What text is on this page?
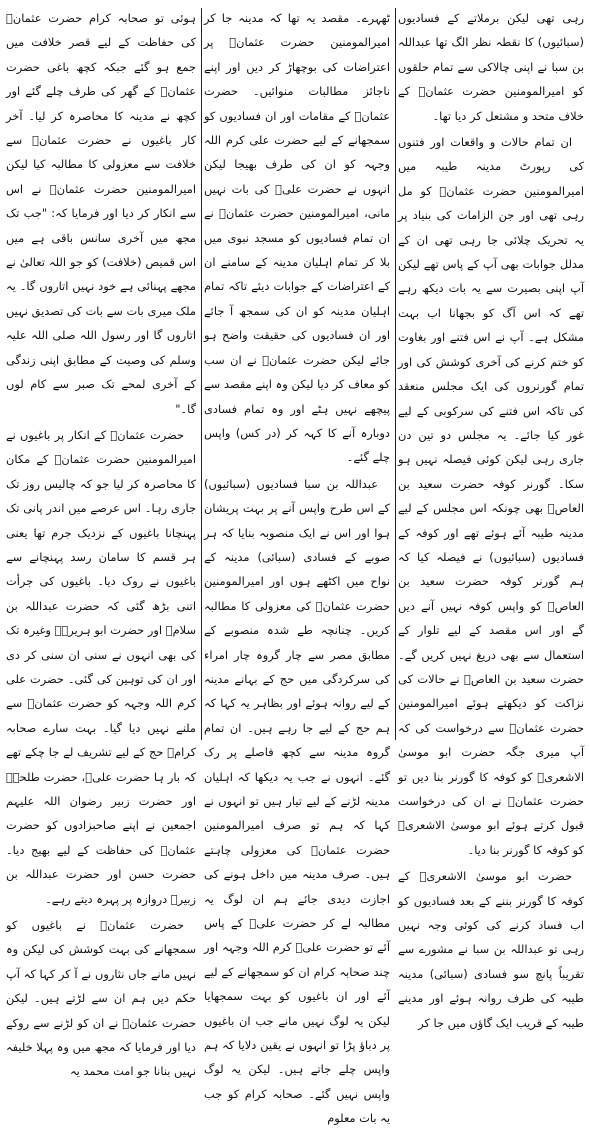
رہی تھی لیکن برملاتے کے فسادیوں (سبائیوں) کا نقطہ نظر الگ تھا عبداللہ بن سبا نے اپنی چالاکی سے تمام حلقوں کو امیرالمومنین حضرت عثمانؓ کے خلاف متحد و مشتعل کر دیا تھا۔

ان تمام حالات و واقعات اور فتنوں کی رپورٹ مدینہ طیبہ میں امیرالمومنین حضرت عثمانؓ کو مل رہی تھی اور جن الزامات کی بنیاد پر یہ تحریک چلائی جا رہی تھی ان کے مدلل جوابات بھی آپ کے پاس تھے لیکن آپ اپنی بصیرت سے یہ بات دیکھ رہے تھے کہ اس آگ کو بجھانا اب بہت مشکل ہے۔ آپ نے اس فتنے اور بغاوت کو ختم کرنے کی آخری کوشش کی اور تمام گورنروں کی ایک مجلس منعقد کی تاکہ اس فتنے کی سرکوبی کے لیے غور کیا جائے۔ یہ مجلس دو تین دن جاری رہی لیکن کوئی فیصلہ نہیں ہو سکا۔ گورنر کوفہ حضرت سعید بن العاصؓ بھی چونکہ اس مجلس کے لیے مدینہ طیبہ آئے ہوئے تھے اور کوفہ کے فسادیوں (سبائیوں) نے فیصلہ کیا کہ ہم گورنر کوفہ حضرت سعید بن العاصؓ کو واپس کوفہ نہیں آنے دیں گے اور اس مقصد کے لیے تلوار کے استعمال سے بھی دریغ نہیں کریں گے۔ حضرت سعید بن العاصؓ نے حالات کی نزاکت کو دیکھتے ہوئے امیرالمومنین حضرت عثمانؓ سے درخواست کی کہ آپ میری جگہ حضرت ابو موسیٰ الاشعریؓ کو کوفہ کا گورنر بنا دیں تو حضرت عثمانؓ نے ان کی درخواست قبول کرتے ہوئے ابو موسیٰ الاشعریؓ کو کوفہ کا گورنر بنا دیا۔

حضرت ابو موسیٰ الاشعریؓ کے کوفہ کا گورنر بننے کے بعد فسادیوں کو اب فساد کرنے کی کوئی وجہ نہیں رہی تو عبداللہ بن سبا نے مشورے سے تقریباً پانچ سو فسادی (سبائی) مدینہ طیبہ کی طرف روانہ ہوئے اور مدینے طیبہ کے قریب ایک گاؤں میں جا کر

ٹھہرے۔ مقصد یہ تھا کہ مدینہ جا کر امیرالمومنین حضرت عثمانؓ پر اعتراضات کی بوچھاڑ کر دیں اور اپنے ناجائز مطالبات منوائیں۔ حضرت عثمانؓ کے مقامات اور ان فسادیوں کو سمجھانے کے لیے حضرت علی کرم اللہ وجہہ کو ان کی طرف بھیجا لیکن انہوں نے حضرت علیؓ کی بات نہیں مانی، امیرالمومنین حضرت عثمانؓ نے ان تمام فسادیوں کو مسجد نبوی میں بلا کر تمام اہلیان مدینہ کے سامنے ان کے اعتراضات کے جوابات دیئے تاکہ تمام اہلیان مدینہ کو ان کی سمجھ آ جائے اور ان فسادیوں کی حقیقت واضح ہو جائے لیکن حضرت عثمانؓ نے ان سب کو معاف کر دیا لیکن وہ اپنے مقصد سے پیچھے نہیں ہٹے اور وہ تمام فسادی دوبارہ آنے کا کہہ کر (در کس) واپس چلے گئے۔

عبداللہ بن سبا فسادیوں (سبائیوں) کے اس طرح واپس آنے پر بہت پریشان ہوا اور اس نے ایک منصوبہ بنایا کہ ہر صوبے کے فسادی (سبائی) مدینہ کے نواح میں اکٹھے ہوں اور امیرالمومنین حضرت عثمانؓ کی معزولی کا مطالبہ کریں۔ چنانچہ طے شدہ منصوبے کے مطابق مصر سے چار گروہ چار امراء کی سرکردگی میں حج کے بہانے مدینہ کے لیے روانہ ہوئے اور بظاہر یہ کہا کہ ہم حج کے لیے جا رہے ہیں۔ ان تمام گروہ مدینہ سے کچھ فاصلے پر رک گئے۔ انہوں نے جب یہ دیکھا کہ اہلیان مدینہ لڑنے کے لیے تیار ہیں تو انہوں نے کہا کہ ہم تو صرف امیرالمومنین حضرت عثمانؓ کی معزولی چاہتے ہیں۔ صرف مدینہ میں داخل ہونے کی اجازت دیدی جائے ہم ان لوگ یہ مطالبہ لے کر حضرت علیؓ کے پاس آئے تو حضرت علیؓ کرم اللہ وجہہ اور چند صحابہ کرام ان کو سمجھانے کے لیے آئے اور ان باغیوں کو بہت سمجھایا لیکن یہ لوگ نہیں مانے جب ان باغیوں پر دباؤ پڑا تو انہوں نے یقین دلایا کہ ہم واپس چلے جاتے ہیں۔ لیکن یہ لوگ واپس نہیں گئے۔ صحابہ کرام کو جب یہ بات معلوم

ہوئی تو صحابہ کرام حضرت عثمانؓ کی حفاظت کے لیے قصر خلافت میں جمع ہو گئے جبکہ کچھ باغی حضرت عثمانؓ کے گھر کی طرف چلے گئے اور کچھ نے مدینہ کا محاصرہ کر لیا۔ آخر کار باغیوں نے حضرت عثمانؓ سے خلافت سے معزولی کا مطالبہ کیا لیکن امیرالمومنین حضرت عثمانؓ نے اس سے انکار کر دیا اور فرمایا کہ: "جب تک مجھ میں آخری سانس باقی ہے میں اس قمیص (خلافت) کو جو اللہ تعالیٰ نے مجھے پہنائی ہے خود نہیں اتاروں گا۔ یہ ملک میری بات سے بات کی تصدیق نہیں اتاروں گا اور رسول اللہ صلی اللہ علیہ وسلم کی وصیت کے مطابق اپنی زندگی کے آخری لمحے تک صبر سے کام لوں گا۔"

حضرت عثمانؓ کے انکار پر باغیوں نے امیرالمومنین حضرت عثمانؓ کے مکان کا محاصرہ کر لیا جو کہ چالیس روز تک جاری رہا۔ اس عرصے میں اندر پانی تک پہنچانا باغیوں کے نزدیک جرم تھا یعنی ہر قسم کا سامان رسد پہنچانے سے باغیوں نے روک دیا۔ باغیوں کی جرأت اتنی بڑھ گئی کہ حضرت عبداللہ بن سلامؓ اور حضرت ابو ہریرہؓ وغیرہ تک کی بھی انہوں نے سنی ان سنی کر دی اور ان کی توہین کی گئی۔ حضرت علی کرم اللہ وجہہ کو حضرت عثمانؓ سے ملنے نہیں دیا گیا۔ بہت سارے صحابہ کرامؓ حج کے لیے تشریف لے جا چکے تھے کہ بار ہا حضرت علیؓ، حضرت طلحہؓ اور حضرت زبیر رضوان اللہ علیہم اجمعین نے اپنے صاحبزادوں کو حضرت عثمانؓ کی حفاظت کے لیے بھیج دیا۔ حضرت حسن اور حضرت عبداللہ بن زبیرؓ دروازہ پر پہرہ دیتے رہے۔

حضرت عثمانؓ نے باغیوں کو سمجھانے کی بہت کوشش کی لیکن وہ نہیں مانے جاں نثاروں نے آ کر کہا کہ آپ حکم دیں ہم ان سے لڑتے ہیں۔ لیکن حضرت عثمانؓ نے ان کو لڑنے سے روکے دیا اور فرمایا کہ مجھ میں وہ پہلا خلیفہ نہیں بنانا جو امت محمد یہ
